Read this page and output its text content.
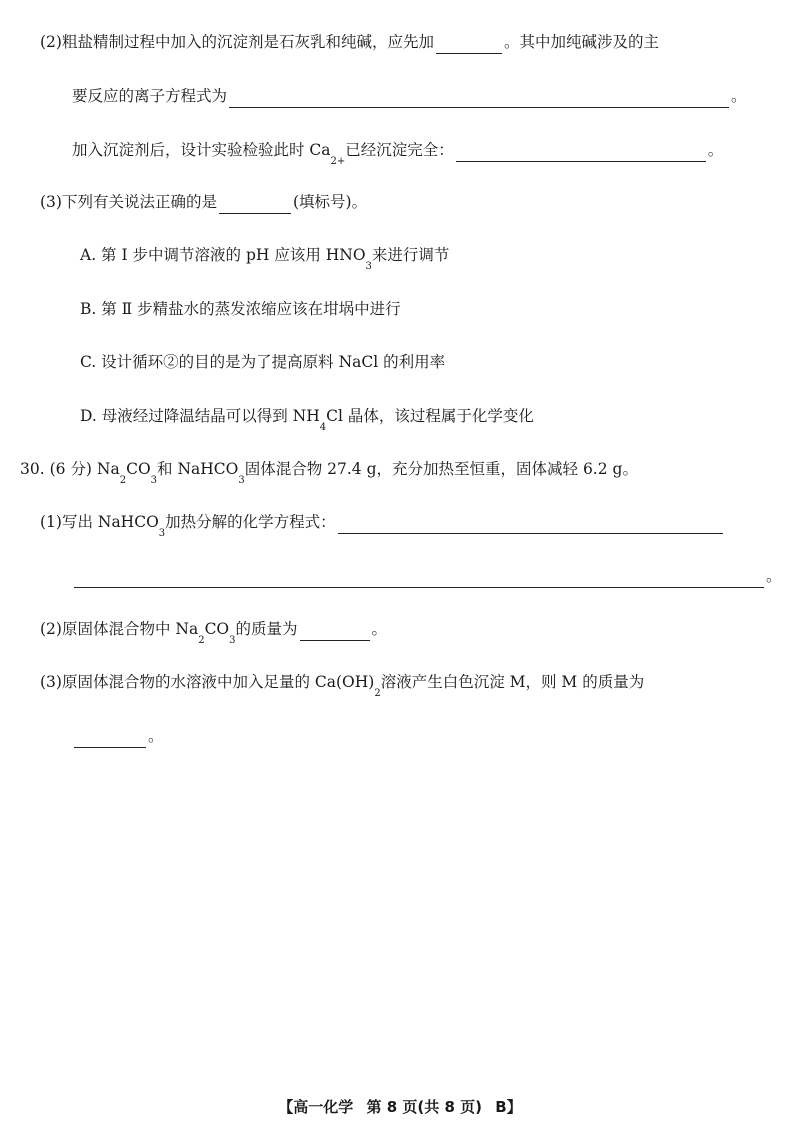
(2)粗盐精制过程中加入的沉淀剂是石灰乳和纯碱，应先加	。其中加纯碱涉及的主
要反应的离子方程式为	。
加入沉淀剂后，设计实验检验此时 Ca
2+
已经沉淀完全：	。
(3)下列有关说法正确的是	(填标号)。
A. 第 Ⅰ 步中调节溶液的 pH 应该用 HNO
3
来进行调节
B. 第 Ⅱ 步精盐水的蒸发浓缩应该在坩埚中进行
C. 设计循环②的目的是为了提高原料 NaCl 的利用率
D. 母液经过降温结晶可以得到 NH
4
Cl 晶体，该过程属于化学变化
30. (6 分) Na
2
CO
3
和 NaHCO
3
固体混合物 27.4 g，充分加热至恒重，固体减轻 6.2 g。
(1)写出 NaHCO
3
加热分解的化学方程式：
。
(2)原固体混合物中 Na
2
CO
3
的质量为	。
(3)原固体混合物的水溶液中加入足量的 Ca(OH)
2
溶液产生白色沉淀 M，则 M 的质量为
。
【高一化学 第 8 页(共 8 页) B】
